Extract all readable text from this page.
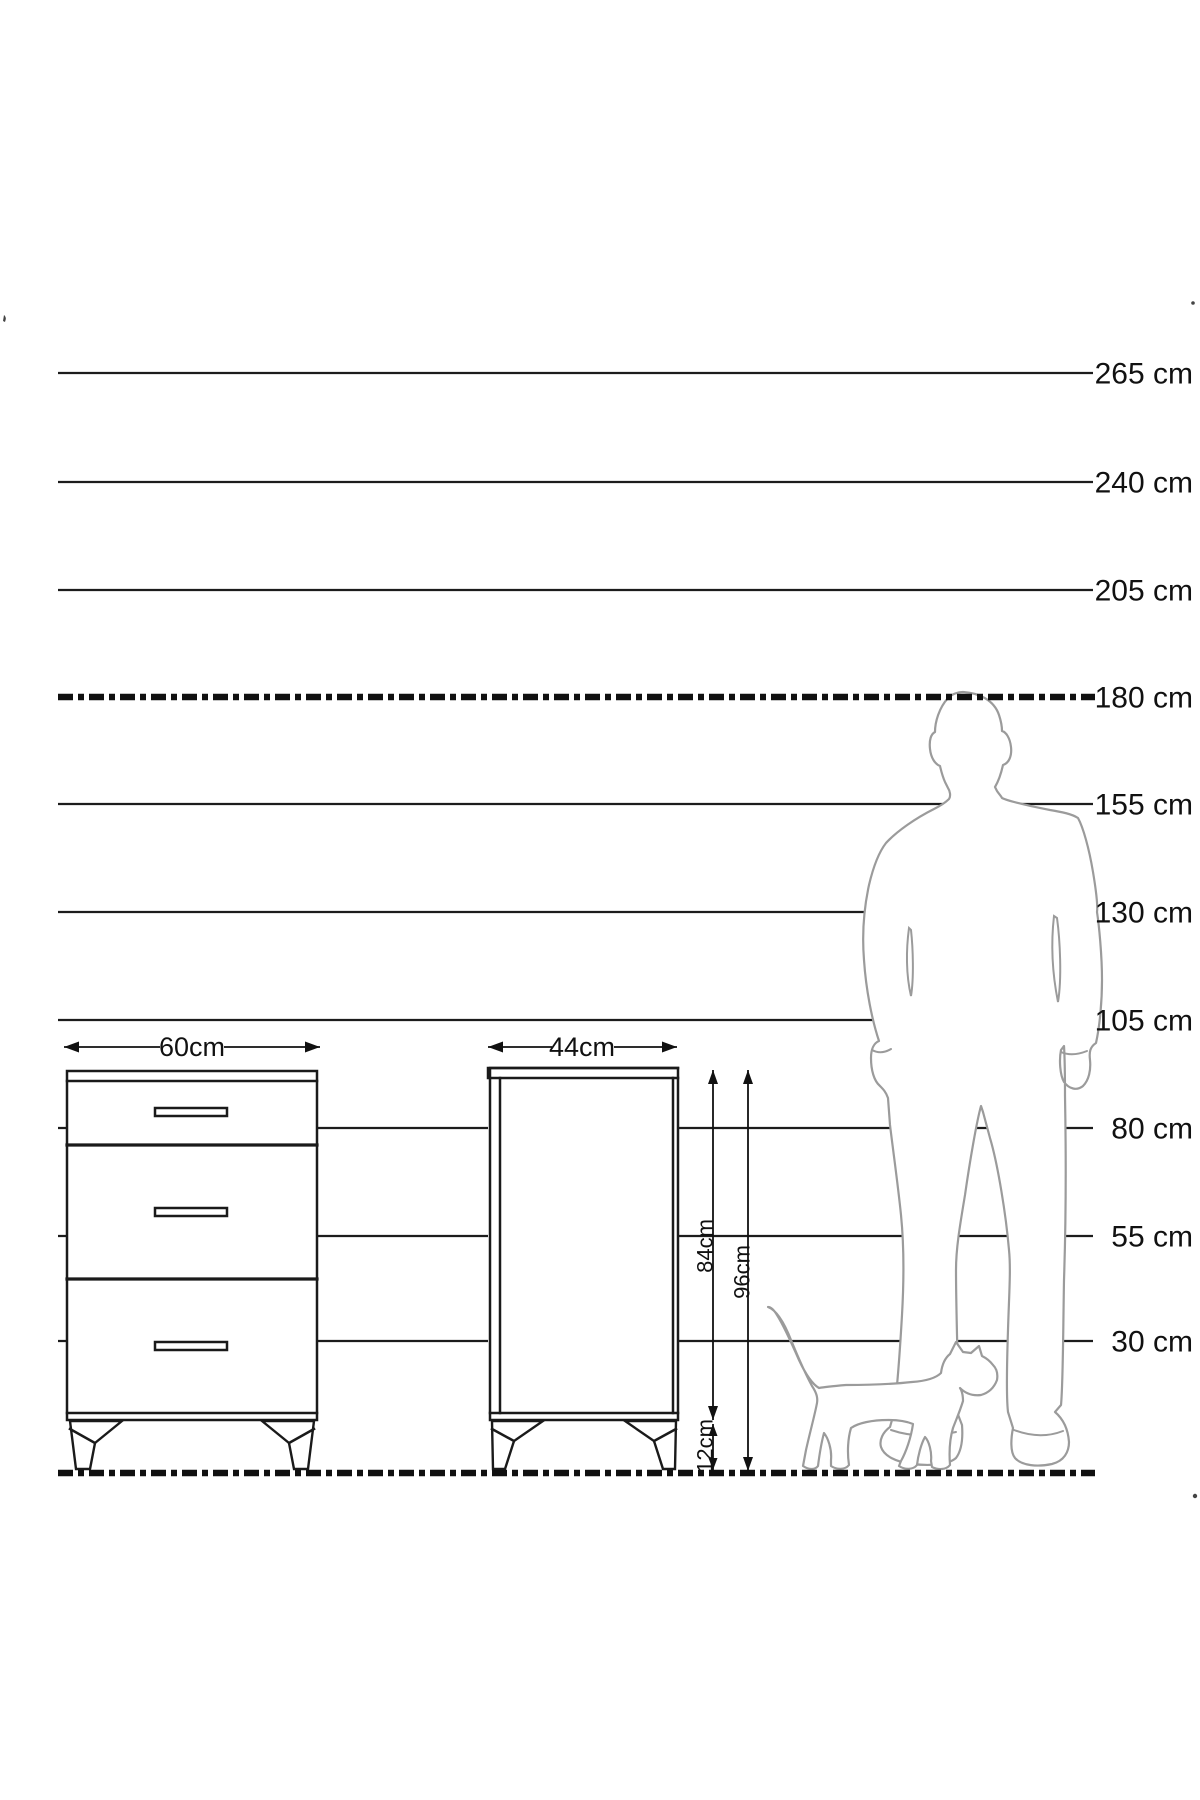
60cm	44cm
84cm 96cm
12cm
265 cm
240 cm
205 cm
180 cm
155 cm
130 cm
105 cm
80 cm
55 cm
30 cm
